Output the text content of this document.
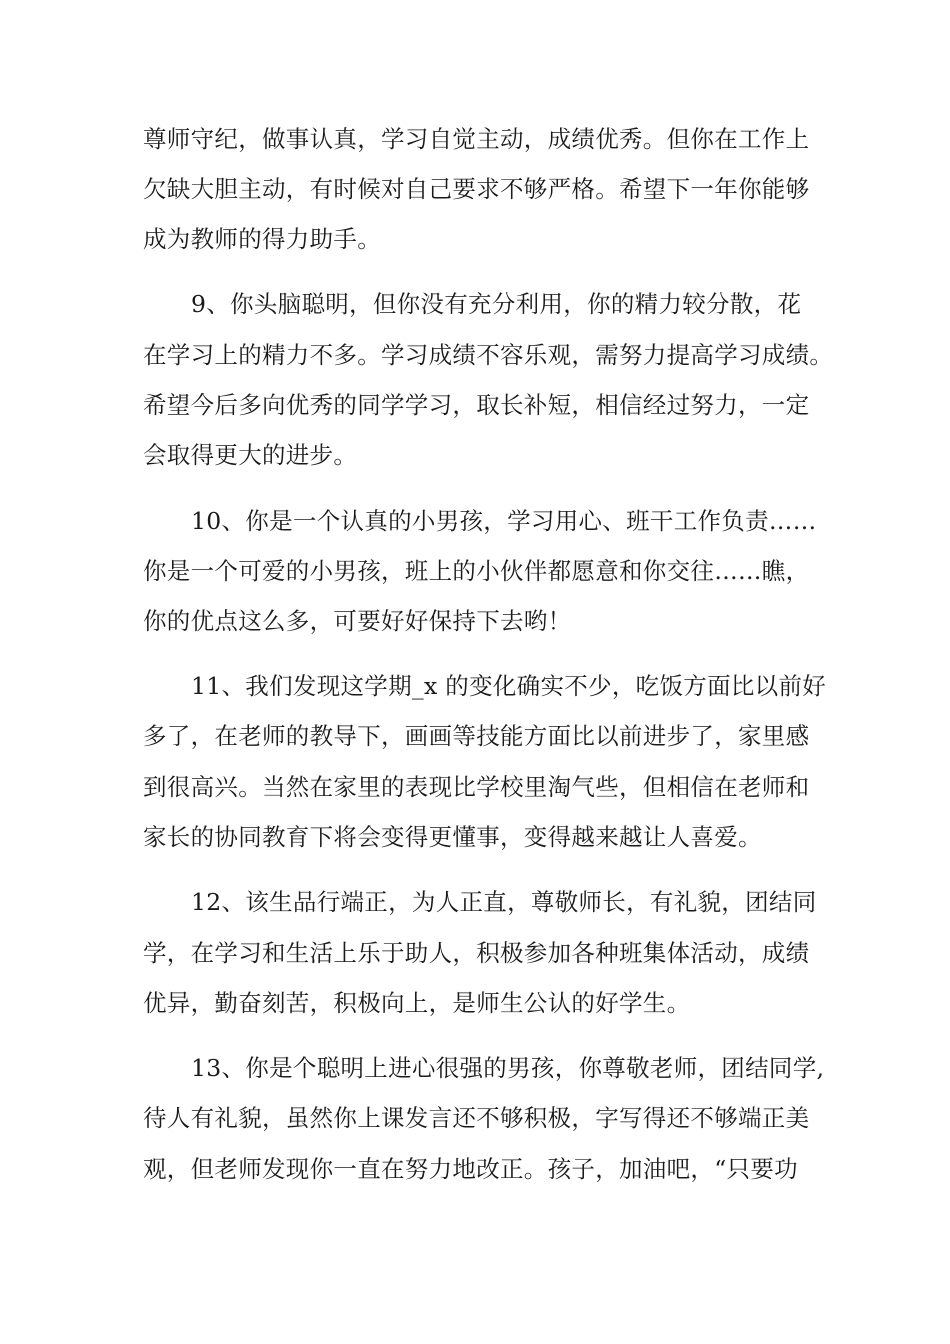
尊师守纪，做事认真，学习自觉主动，成绩优秀。但你在工作上
欠缺大胆主动，有时候对自己要求不够严格。希望下一年你能够
成为教师的得力助手。
9、你头脑聪明，但你没有充分利用，你的精力较分散，花
在学习上的精力不多。学习成绩不容乐观，需努力提高学习成绩。
希望今后多向优秀的同学学习，取长补短，相信经过努力，一定
会取得更大的进步。
10、你是一个认真的小男孩，学习用心、班干工作负责……
你是一个可爱的小男孩，班上的小伙伴都愿意和你交往……瞧，
你的优点这么多，可要好好保持下去哟！
11、我们发现这学期_x 的变化确实不少，吃饭方面比以前好
多了，在老师的教导下，画画等技能方面比以前进步了，家里感
到很高兴。当然在家里的表现比学校里淘气些，但相信在老师和
家长的协同教育下将会变得更懂事，变得越来越让人喜爱。
12、该生品行端正，为人正直，尊敬师长，有礼貌，团结同
学，在学习和生活上乐于助人，积极参加各种班集体活动，成绩
优异，勤奋刻苦，积极向上，是师生公认的好学生。
13、你是个聪明上进心很强的男孩，你尊敬老师，团结同学,
待人有礼貌，虽然你上课发言还不够积极，字写得还不够端正美
观，但老师发现你一直在努力地改正。孩子，加油吧，“只要功
